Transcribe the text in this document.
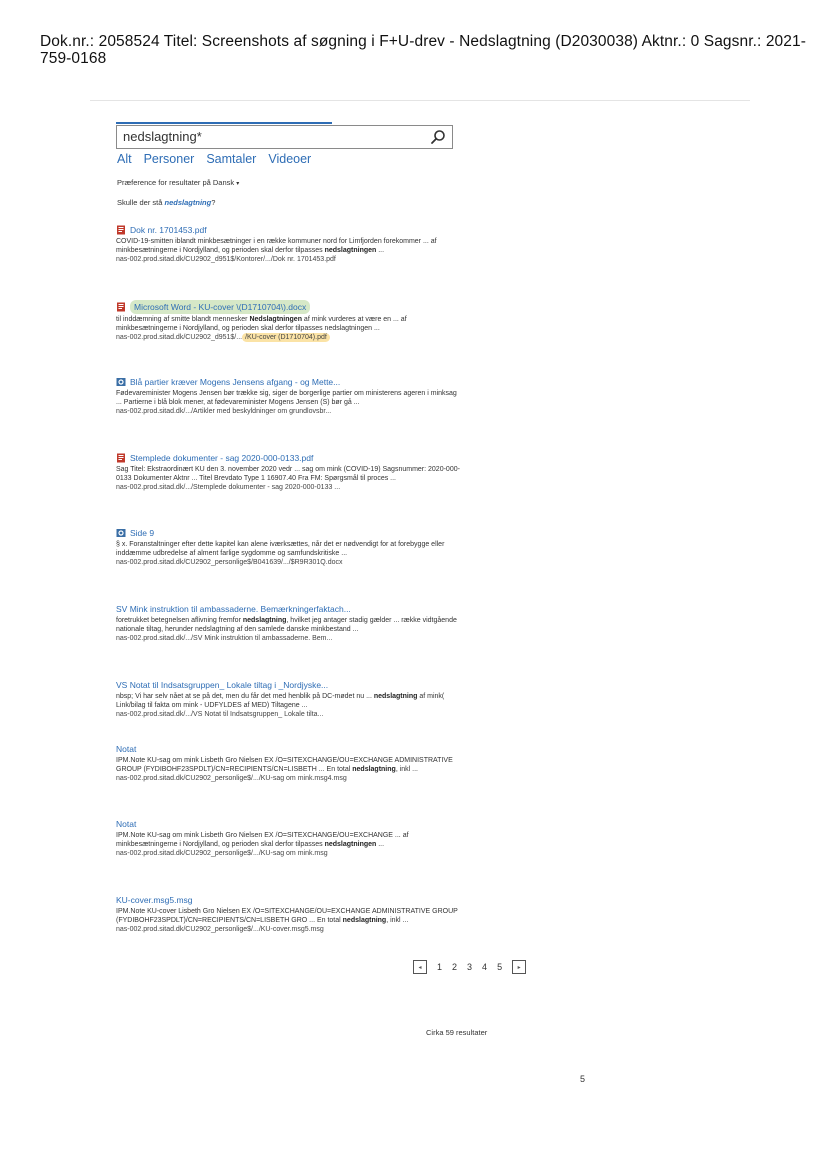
Dok.nr.: 2058524 Titel: Screenshots af søgning i F+U-drev - Nedslagtning (D2030038) Aktnr.: 0 Sagsnr.: 2021-759-0168
nedslagtning*
Alt Personer Samtaler Videoer
Præference for resultater på Dansk ▾
Skulle der stå nedslagtning?
Dok nr. 1701453.pdf
COVID-19-smitten iblandt minkbesætninger i en række kommuner nord for Limfjorden forekommer ... af minkbesætningerne i Nordjylland, og perioden skal derfor tilpasses nedslagtningen ...
nas-002.prod.sitad.dk/CU2902_d951$/Kontorer/.../Dok nr. 1701453.pdf
Microsoft Word - KU-cover \(D1710704\).docx
til inddæmning af smitte blandt mennesker Nedslagtningen af mink vurderes at være en ... af minkbesætningerne i Nordjylland, og perioden skal derfor tilpasses nedslagtningen ...
nas-002.prod.sitad.dk/CU2902_d951$/... /KU-cover (D1710704).pdf
Blå partier kræver Mogens Jensens afgang - og Mette...
Fødevareminister Mogens Jensen bør trække sig, siger de borgerlige partier om ministerens ageren i minksag ... Partierne i blå blok mener, at fødevareminister Mogens Jensen (S) bør gå ...
nas-002.prod.sitad.dk/.../Artikler med beskyldninger om grundlovsbr...
Stemplede dokumenter - sag 2020-000-0133.pdf
Sag Titel: Ekstraordinært KU den 3. november 2020 vedr ... sag om mink (COVID-19) Sagsnummer: 2020-000-0133 Dokumenter Aktnr ... Titel Brevdato Type 1 16907.40 Fra FM: Spørgsmål til proces ...
nas-002.prod.sitad.dk/.../Stemplede dokumenter - sag 2020-000-0133 ...
Side 9
§ x. Foranstaltninger efter dette kapitel kan alene iværksættes, når det er nødvendigt for at forebygge eller inddæmme udbredelse af alment farlige sygdomme og samfundskritiske ...
nas-002.prod.sitad.dk/CU2902_personlige$/B041639/.../$R9R301Q.docx
SV Mink instruktion til ambassaderne. Bemærkningerfaktach...
foretrukket betegnelsen aflivning fremfor nedslagtning, hvilket jeg antager stadig gælder ... række vidtgående nationale tiltag, herunder nedslagtning af den samlede danske minkbestand ...
nas-002.prod.sitad.dk/.../SV Mink instruktion til ambassaderne. Bem...
VS Notat til Indsatsgruppen_ Lokale tiltag i _Nordjyske...
nbsp; Vi har selv nået at se på det, men du får det med henblik på DC-mødet nu ... nedslagtning af mink( Link/bilag til fakta om mink - UDFYLDES af MED) Tiltagene ...
nas-002.prod.sitad.dk/.../VS Notat til Indsatsgruppen_ Lokale tilta...
Notat
IPM.Note KU-sag om mink Lisbeth Gro Nielsen EX /O=SITEXCHANGE/OU=EXCHANGE ADMINISTRATIVE GROUP (FYDIBOHF23SPDLT)/CN=RECIPIENTS/CN=LISBETH ... En total nedslagtning, inkl ...
nas-002.prod.sitad.dk/CU2902_personlige$/.../KU-sag om mink.msg4.msg
Notat
IPM.Note KU-sag om mink Lisbeth Gro Nielsen EX /O=SITEXCHANGE/OU=EXCHANGE ... af minkbesætningerne i Nordjylland, og perioden skal derfor tilpasses nedslagtningen ...
nas-002.prod.sitad.dk/CU2902_personlige$/.../KU-sag om mink.msg
KU-cover.msg5.msg
IPM.Note KU-cover Lisbeth Gro Nielsen EX /O=SITEXCHANGE/OU=EXCHANGE ADMINISTRATIVE GROUP (FYDIBOHF23SPDLT)/CN=RECIPIENTS/CN=LISBETH GRO ... En total nedslagtning, inkl ...
nas-002.prod.sitad.dk/CU2902_personlige$/.../KU-cover.msg5.msg
◂	1 2 3 4 5	▸
Cirka 59 resultater
5
